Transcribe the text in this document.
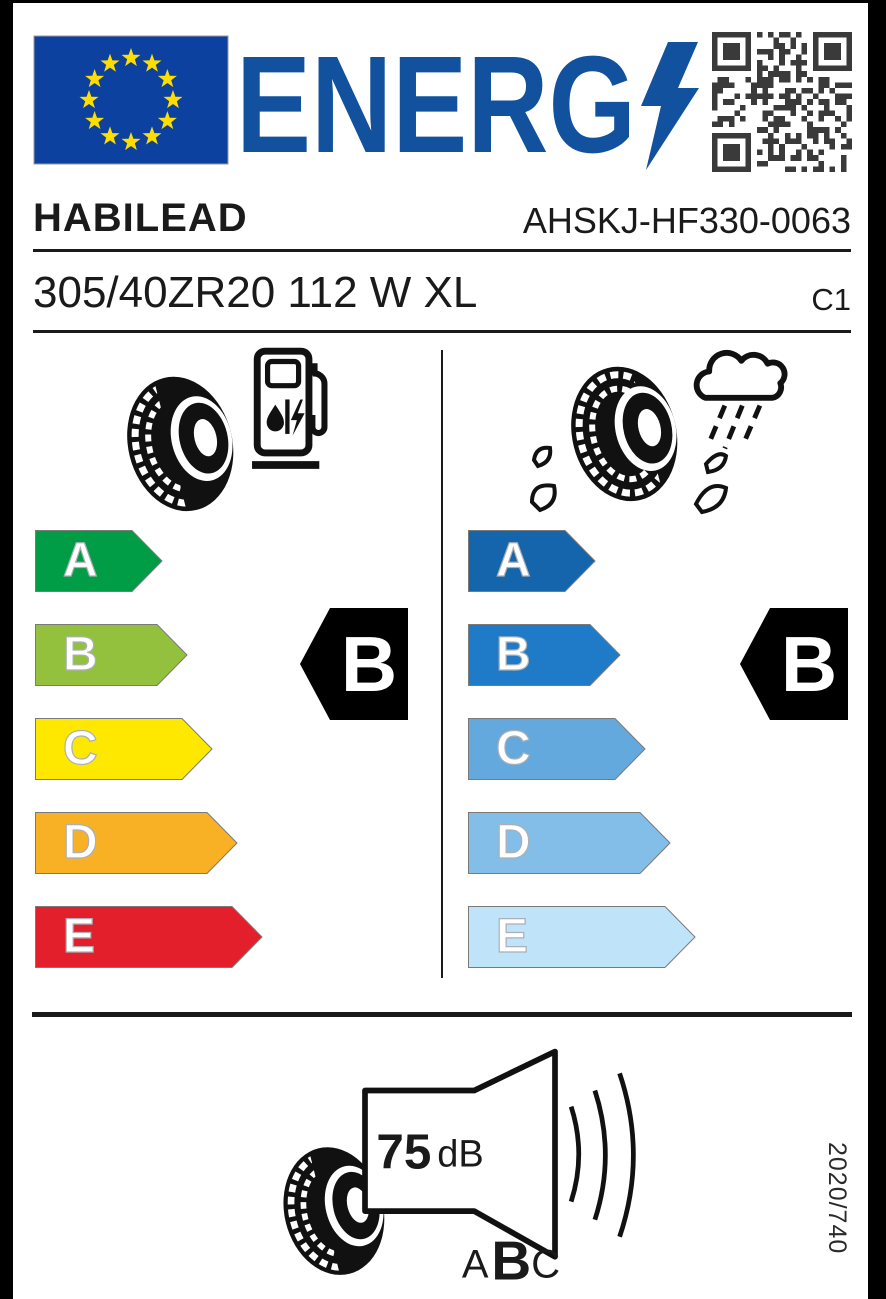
ENERG
HABILEAD	AHSKJ-HF330-0063
305/40ZR20 112 W XL	C1
A
B
C
D
E
B
A
B
C
D
E
B
75 dB
A B C
2020/740
